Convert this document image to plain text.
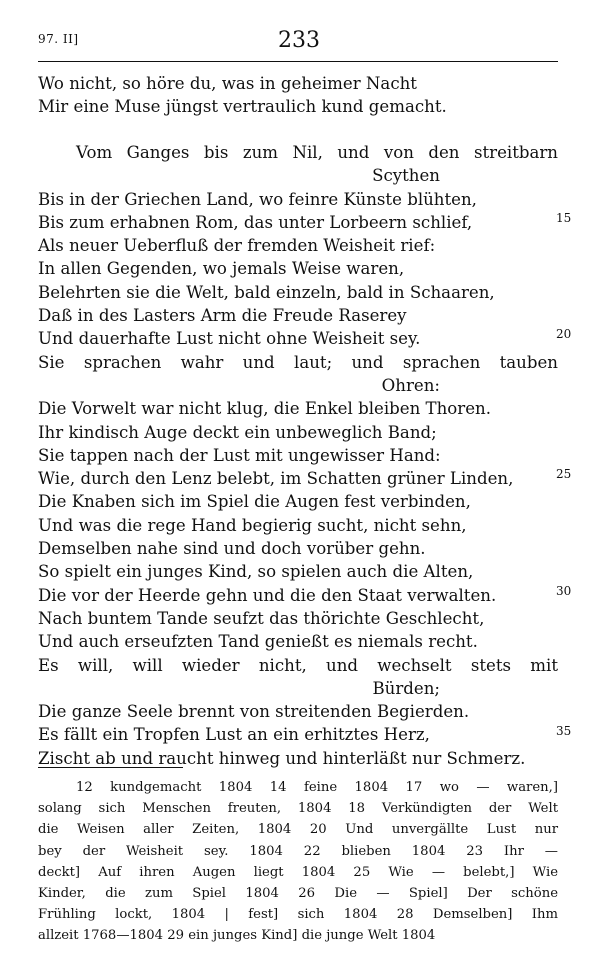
97. II]	233
Wo nicht, so höre du, was in geheimer Nacht
Mir eine Muse jüngst vertraulich kund gemacht.
Vom Ganges bis zum Nil, und von den streitbarn
Scythen
Bis in der Griechen Land, wo feinre Künste blühten,
Bis zum erhabnen Rom, das unter Lorbeern schlief,	15
Als neuer Ueberfluß der fremden Weisheit rief:
In allen Gegenden, wo jemals Weise waren,
Belehrten sie die Welt, bald einzeln, bald in Schaaren,
Daß in des Lasters Arm die Freude Raserey
Und dauerhafte Lust nicht ohne Weisheit sey.	20
Sie sprachen wahr und laut; und sprachen tauben
Ohren:
Die Vorwelt war nicht klug, die Enkel bleiben Thoren.
Ihr kindisch Auge deckt ein unbeweglich Band;
Sie tappen nach der Lust mit ungewisser Hand:
Wie, durch den Lenz belebt, im Schatten grüner Linden,	25
Die Knaben sich im Spiel die Augen fest verbinden,
Und was die rege Hand begierig sucht, nicht sehn,
Demselben nahe sind und doch vorüber gehn.
So spielt ein junges Kind, so spielen auch die Alten,
Die vor der Heerde gehn und die den Staat verwalten.	30
Nach buntem Tande seufzt das thörichte Geschlecht,
Und auch erseufzten Tand genießt es niemals recht.
Es will, will wieder nicht, und wechselt stets mit
Bürden;
Die ganze Seele brennt von streitenden Begierden.
Es fällt ein Tropfen Lust an ein erhitztes Herz,	35
Zischt ab und raucht hinweg und hinterläßt nur Schmerz.
12 kundgemacht 1804 14 feine 1804 17 wo — waren,]
solang sich Menschen freuten, 1804 18 Verkündigten der Welt
die Weisen aller Zeiten, 1804 20 Und unvergällte Lust nur
bey der Weisheit sey. 1804 22 blieben 1804 23 Ihr —
deckt] Auf ihren Augen liegt 1804 25 Wie — belebt,] Wie
Kinder, die zum Spiel 1804 26 Die — Spiel] Der schöne
Frühling lockt, 1804 | fest] sich 1804 28 Demselben] Ihm
allzeit 1768—1804 29 ein junges Kind] die junge Welt 1804
